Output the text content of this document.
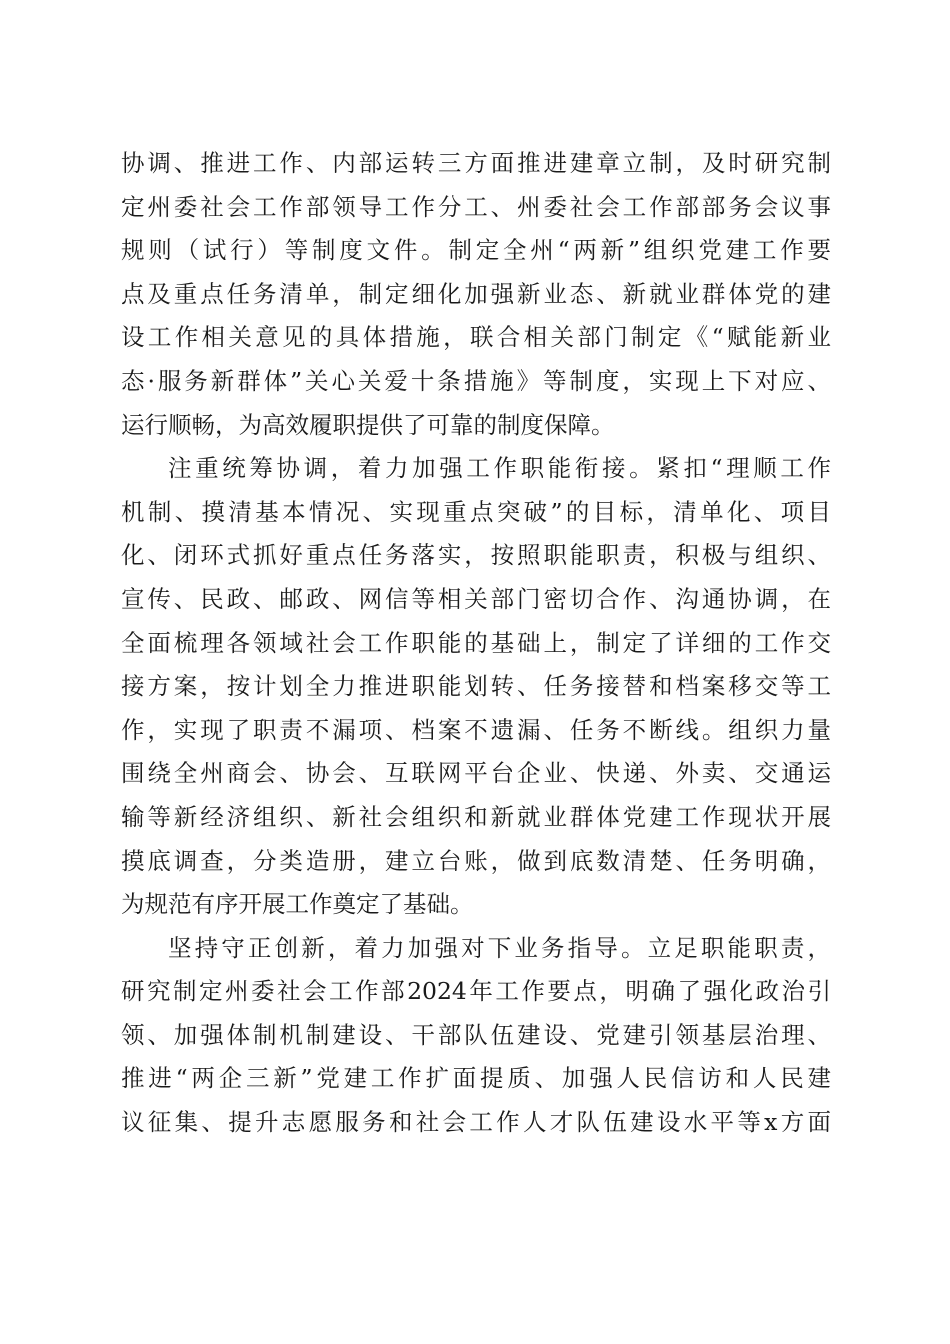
协调、推进工作、内部运转三方面推进建章立制，及时研究制
定州委社会工作部领导工作分工、州委社会工作部部务会议事
规则（试行）等制度文件。制定全州“两新”组织党建工作要
点及重点任务清单，制定细化加强新业态、新就业群体党的建
设工作相关意见的具体措施，联合相关部门制定《“赋能新业
态·服务新群体”关心关爱十条措施》等制度，实现上下对应、
运行顺畅，为高效履职提供了可靠的制度保障。
注重统筹协调，着力加强工作职能衔接。紧扣“理顺工作
机制、摸清基本情况、实现重点突破”的目标，清单化、项目
化、闭环式抓好重点任务落实，按照职能职责，积极与组织、
宣传、民政、邮政、网信等相关部门密切合作、沟通协调，在
全面梳理各领域社会工作职能的基础上，制定了详细的工作交
接方案，按计划全力推进职能划转、任务接替和档案移交等工
作，实现了职责不漏项、档案不遗漏、任务不断线。组织力量
围绕全州商会、协会、互联网平台企业、快递、外卖、交通运
输等新经济组织、新社会组织和新就业群体党建工作现状开展
摸底调查，分类造册，建立台账，做到底数清楚、任务明确，
为规范有序开展工作奠定了基础。
坚持守正创新，着力加强对下业务指导。立足职能职责，
研究制定州委社会工作部2024年工作要点，明确了强化政治引
领、加强体制机制建设、干部队伍建设、党建引领基层治理、
推进“两企三新”党建工作扩面提质、加强人民信访和人民建
议征集、提升志愿服务和社会工作人才队伍建设水平等x方面
